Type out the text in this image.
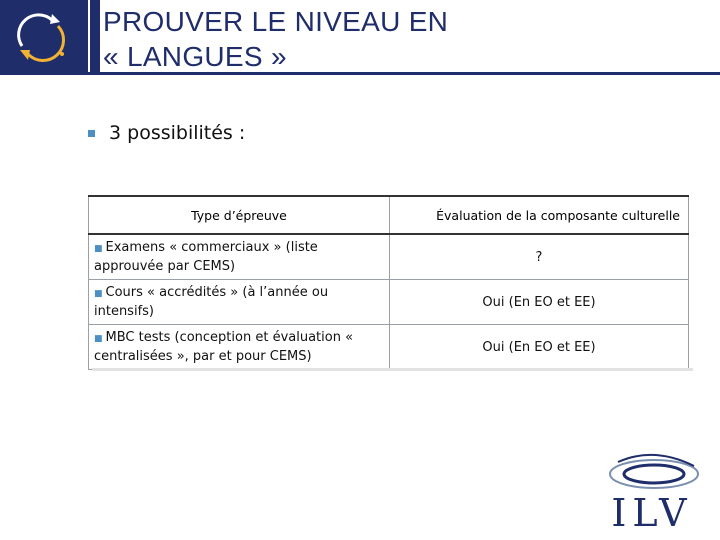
PROUVER LE NIVEAU EN
« LANGUES »
3 possibilités :
Type d’épreuve	Évaluation de la composante culturelle
■ Examens « commerciaux » (liste approuvée par CEMS)	?
■ Cours « accrédités » (à l’année ou intensifs)	Oui (En EO et EE)
■ MBC tests (conception et évaluation « centralisées », par et pour CEMS)	Oui (En EO et EE)
ILV
